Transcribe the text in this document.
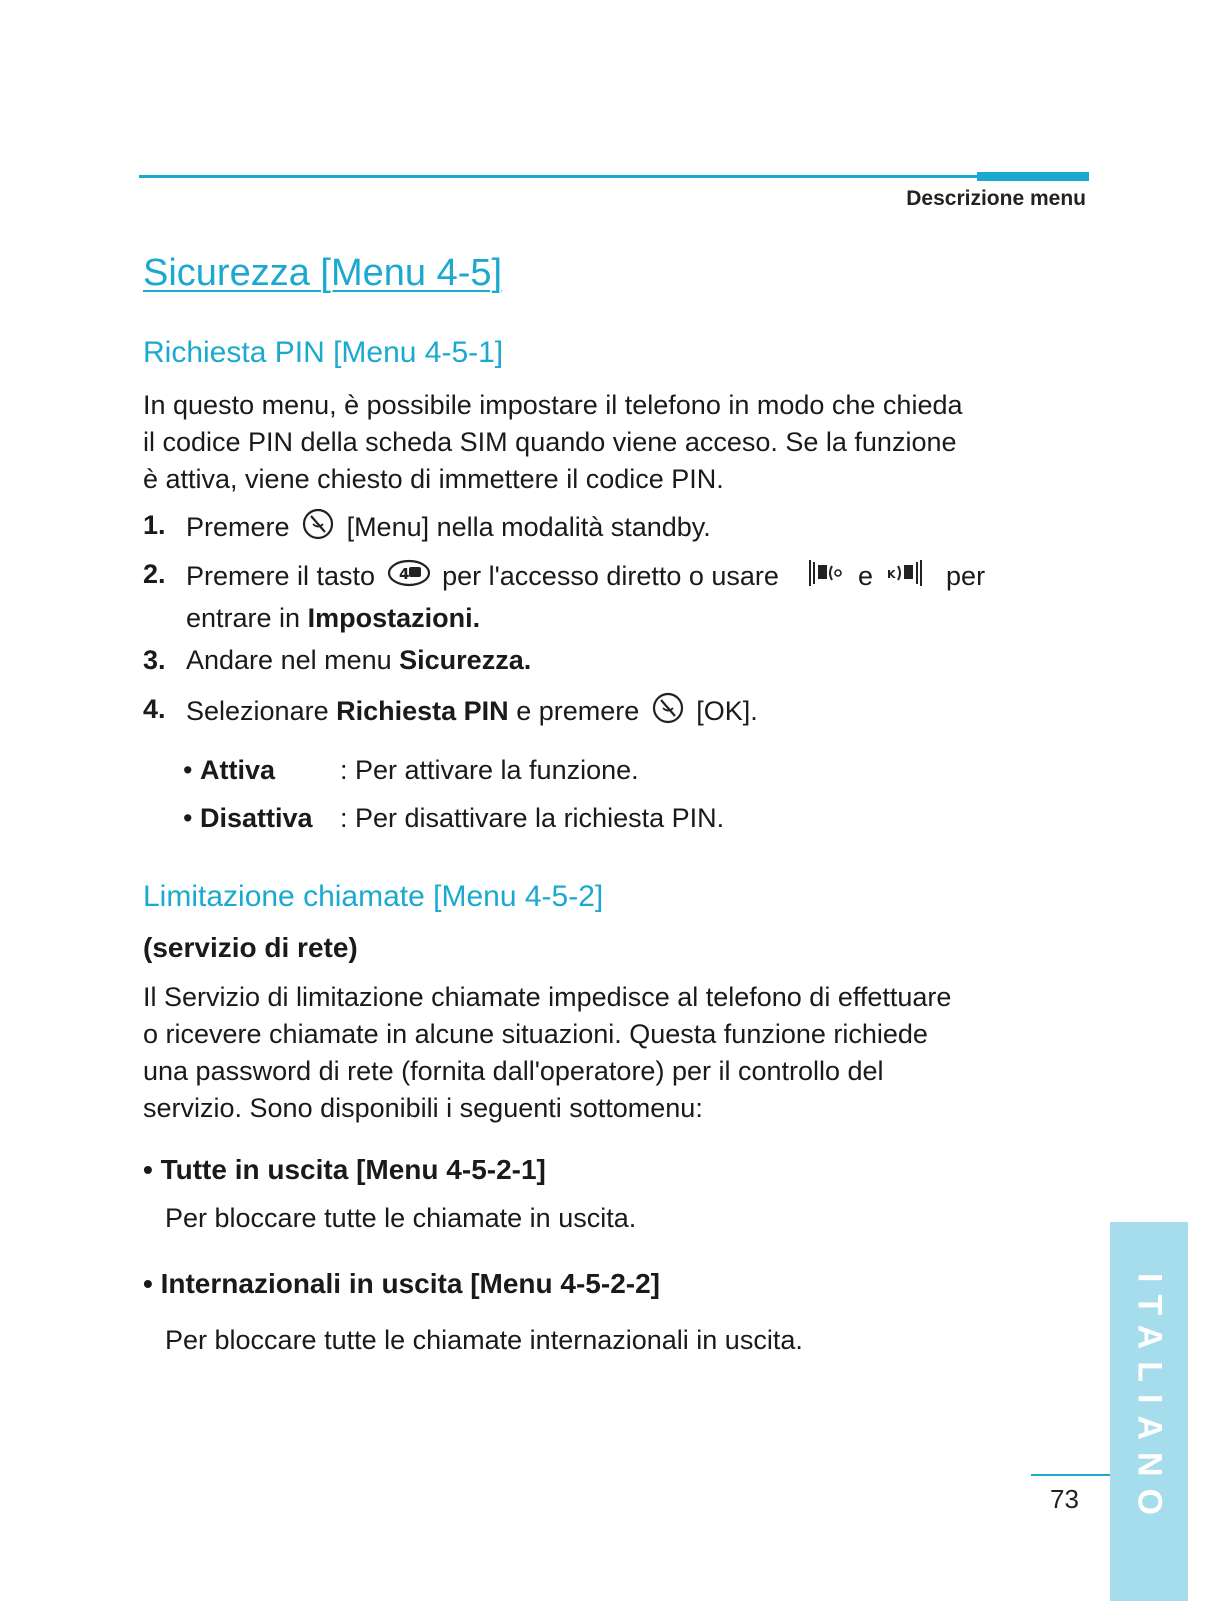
Descrizione menu
Sicurezza [Menu 4-5]
Richiesta PIN [Menu 4-5-1]
In questo menu, è possibile impostare il telefono in modo che chieda
il codice PIN della scheda SIM quando viene acceso. Se la funzione
è attiva, viene chiesto di immettere il codice PIN.
1. Premere [Menu] nella modalità standby.
2. Premere il tasto 4 per l'accesso diretto o usare	e K per
entrare in Impostazioni.
3. Andare nel menu Sicurezza.
4. Selezionare Richiesta PIN e premere [OK].
• Attiva : Per attivare la funzione.
• Disattiva : Per disattivare la richiesta PIN.
Limitazione chiamate [Menu 4-5-2]
(servizio di rete)
Il Servizio di limitazione chiamate impedisce al telefono di effettuare
o ricevere chiamate in alcune situazioni. Questa funzione richiede
una password di rete (fornita dall'operatore) per il controllo del
servizio. Sono disponibili i seguenti sottomenu:
• Tutte in uscita [Menu 4-5-2-1]
Per bloccare tutte le chiamate in uscita.
• Internazionali in uscita [Menu 4-5-2-2]
Per bloccare tutte le chiamate internazionali in uscita.	ITALIANO
73
